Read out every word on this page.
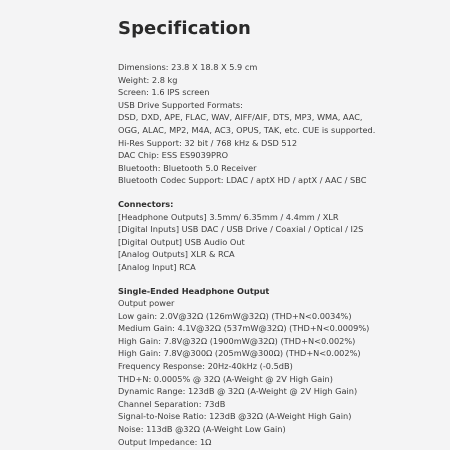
Specification
Dimensions: 23.8 X 18.8 X 5.9 cm
Weight: 2.8 kg
Screen: 1.6 IPS screen
USB Drive Supported Formats:
DSD, DXD, APE, FLAC, WAV, AIFF/AIF, DTS, MP3, WMA, AAC,
OGG, ALAC, MP2, M4A, AC3, OPUS, TAK, etc. CUE is supported.
Hi-Res Support: 32 bit / 768 kHz & DSD 512
DAC Chip: ESS ES9039PRO
Bluetooth: Bluetooth 5.0 Receiver
Bluetooth Codec Support: LDAC / aptX HD / aptX / AAC / SBC
Connectors:
[Headphone Outputs] 3.5mm/ 6.35mm / 4.4mm / XLR
[Digital Inputs] USB DAC / USB Drive / Coaxial / Optical / I2S
[Digital Output] USB Audio Out
[Analog Outputs] XLR & RCA
[Analog Input] RCA
Single-Ended Headphone Output
Output power
Low gain: 2.0V@32Ω (126mW@32Ω) (THD+N<0.0034%)
Medium Gain: 4.1V@32Ω (537mW@32Ω) (THD+N<0.0009%)
High Gain: 7.8V@32Ω (1900mW@32Ω) (THD+N<0.002%)
High Gain: 7.8V@300Ω (205mW@300Ω) (THD+N<0.002%)
Frequency Response: 20Hz-40kHz (-0.5dB)
THD+N: 0.0005% @ 32Ω (A-Weight @ 2V High Gain)
Dynamic Range: 123dB @ 32Ω (A-Weight @ 2V High Gain)
Channel Separation: 73dB
Signal-to-Noise Ratio: 123dB @32Ω (A-Weight High Gain)
Noise: 113dB @32Ω (A-Weight Low Gain)
Output Impedance: 1Ω
